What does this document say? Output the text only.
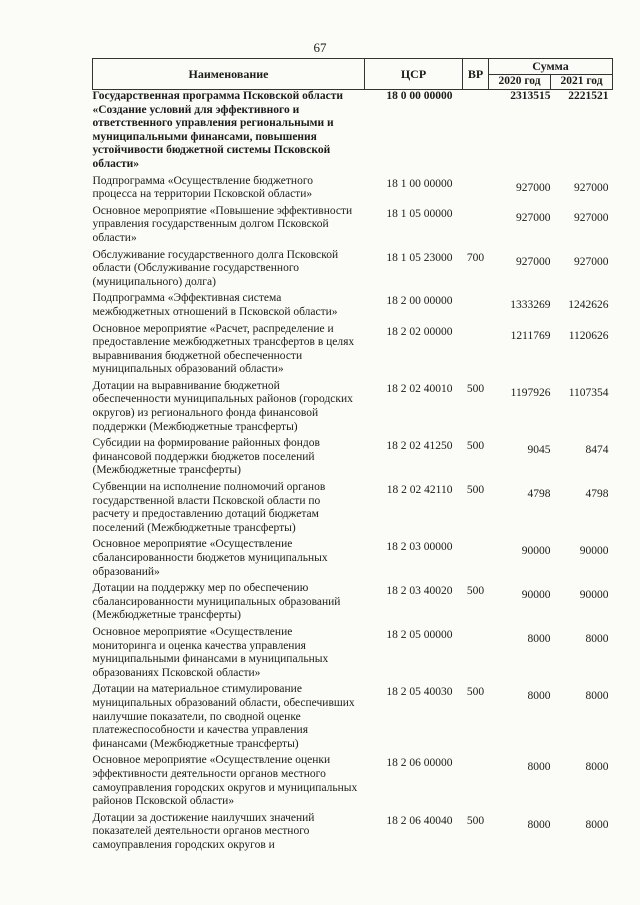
67
Наименование	ЦСР	ВР	Сумма	
			2020 год	2021 год
Государственная программа Псковской области «Создание условий для эффективного и ответственного управления региональными и муниципальными финансами, повышения устойчивости бюджетной системы Псковской области»	18 0 00 00000		2313515	2221521
Подпрограмма «Осуществление бюджетного процесса на территории Псковской области»	18 1 00 00000		927000	927000
Основное мероприятие «Повышение эффективности управления государственным долгом Псковской области»	18 1 05 00000		927000	927000
Обслуживание государственного долга Псковской области (Обслуживание государственного (муниципального) долга)	18 1 05 23000	700	927000	927000
Подпрограмма «Эффективная система межбюджетных отношений в Псковской области»	18 2 00 00000		1333269	1242626
Основное мероприятие «Расчет, распределение и предоставление межбюджетных трансфертов в целях выравнивания бюджетной обеспеченности муниципальных образований области»	18 2 02 00000		1211769	1120626
Дотации на выравнивание бюджетной обеспеченности муниципальных районов (городских округов) из регионального фонда финансовой поддержки (Межбюджетные трансферты)	18 2 02 40010	500	1197926	1107354
Субсидии на формирование районных фондов финансовой поддержки бюджетов поселений (Межбюджетные трансферты)	18 2 02 41250	500	9045	8474
Субвенции на исполнение полномочий органов государственной власти Псковской области по расчету и предоставлению дотаций бюджетам поселений (Межбюджетные трансферты)	18 2 02 42110	500	4798	4798
Основное мероприятие «Осуществление сбалансированности бюджетов муниципальных образований»	18 2 03 00000		90000	90000
Дотации на поддержку мер по обеспечению сбалансированности муниципальных образований (Межбюджетные трансферты)	18 2 03 40020	500	90000	90000
Основное мероприятие «Осуществление мониторинга и оценка качества управления муниципальными финансами в муниципальных образованиях Псковской области»	18 2 05 00000		8000	8000
Дотации на материальное стимулирование муниципальных образований области, обеспечивших наилучшие показатели, по сводной оценке платежеспособности и качества управления финансами (Межбюджетные трансферты)	18 2 05 40030	500	8000	8000
Основное мероприятие «Осуществление оценки эффективности деятельности органов местного самоуправления городских округов и муниципальных районов Псковской области»	18 2 06 00000		8000	8000
Дотации за достижение наилучших значений показателей деятельности органов местного самоуправления городских округов и	18 2 06 40040	500	8000	8000
